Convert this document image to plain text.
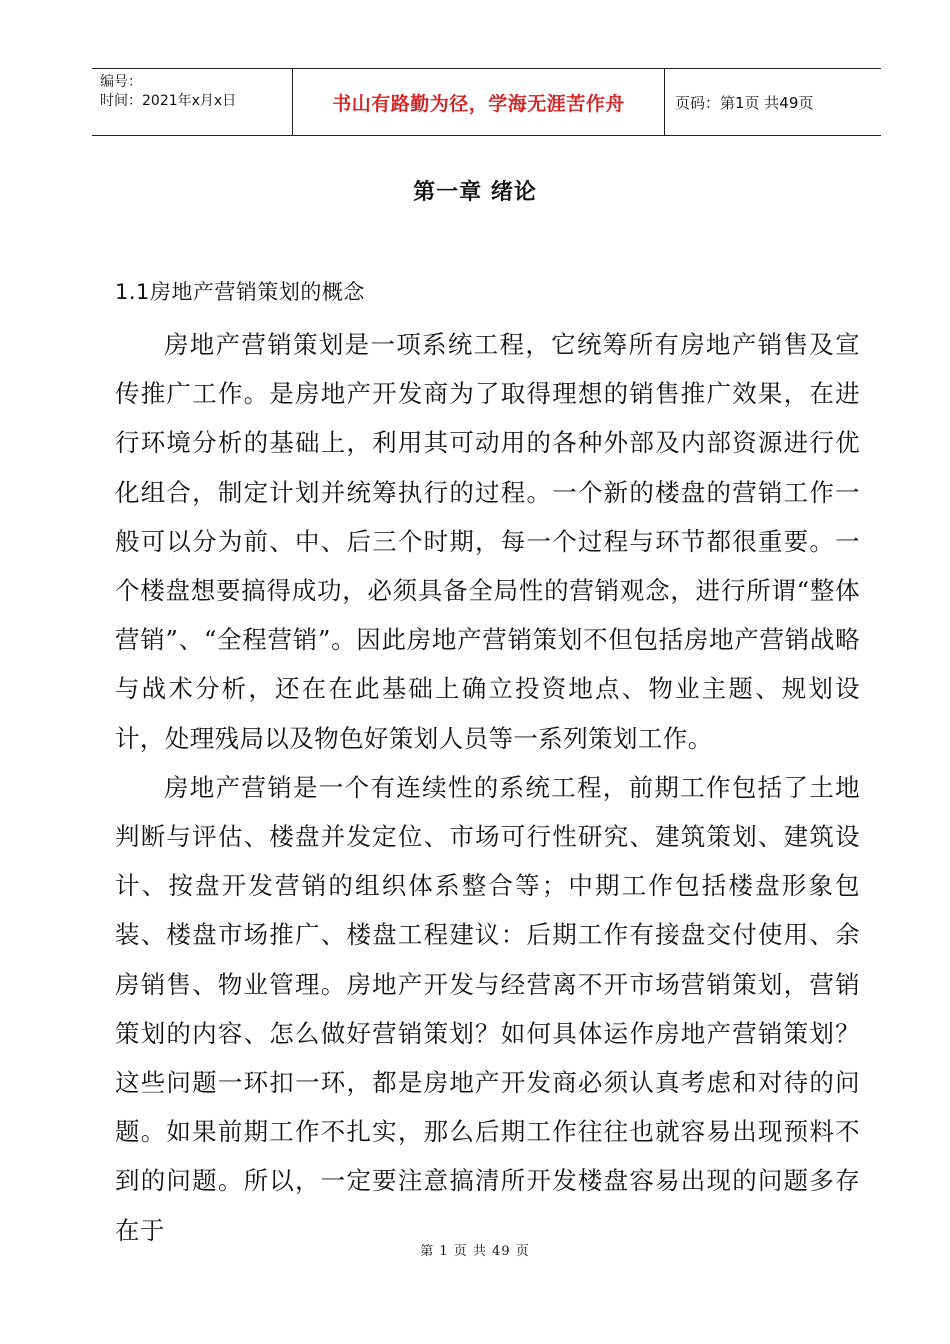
编号：
时间：2021年x月x日	书山有路勤为径，学海无涯苦作舟	页码：第1页 共49页
第一章 绪论
1.1房地产营销策划的概念

房地产营销策划是一项系统工程，它统筹所有房地产销售及宣传推广工作。是房地产开发商为了取得理想的销售推广效果，在进行环境分析的基础上，利用其可动用的各种外部及内部资源进行优化组合，制定计划并统筹执行的过程。一个新的楼盘的营销工作一般可以分为前、中、后三个时期，每一个过程与环节都很重要。一个楼盘想要搞得成功，必须具备全局性的营销观念，进行所谓“整体营销”、“全程营销”。因此房地产营销策划不但包括房地产营销战略与战术分析，还在在此基础上确立投资地点、物业主题、规划设计，处理残局以及物色好策划人员等一系列策划工作。

房地产营销是一个有连续性的系统工程，前期工作包括了土地判断与评估、楼盘并发定位、市场可行性研究、建筑策划、建筑设计、按盘开发营销的组织体系整合等；中期工作包括楼盘形象包装、楼盘市场推广、楼盘工程建议：后期工作有接盘交付使用、余房销售、物业管理。房地产开发与经营离不开市场营销策划，营销策划的内容、怎么做好营销策划？如何具体运作房地产营销策划？这些问题一环扣一环，都是房地产开发商必须认真考虑和对待的问题。如果前期工作不扎实，那么后期工作往往也就容易出现预料不到的问题。所以，一定要注意搞清所开发楼盘容易出现的问题多存在于

第 1 页 共 49 页
